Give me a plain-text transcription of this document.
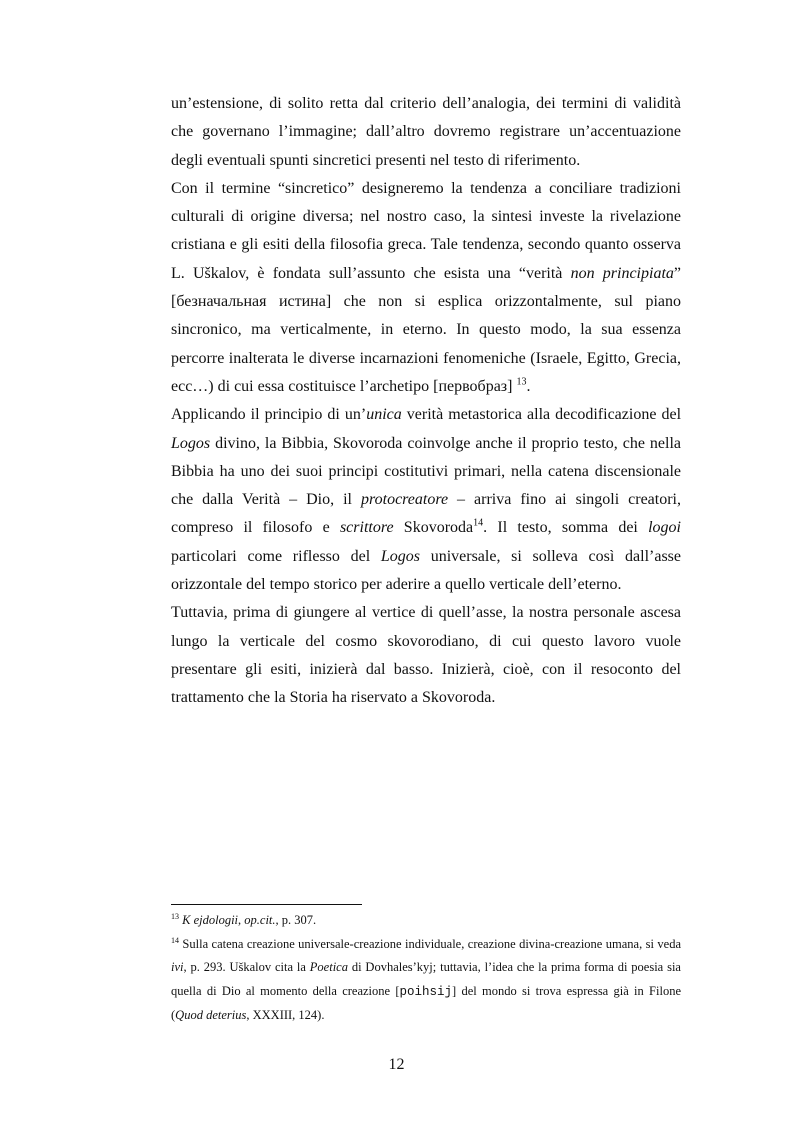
un’estensione, di solito retta dal criterio dell’analogia, dei termini di validità che governano l’immagine; dall’altro dovremo registrare un’accentuazione degli eventuali spunti sincretici presenti nel testo di riferimento.

Con il termine “sincretico” designeremo la tendenza a conciliare tradizioni culturali di origine diversa; nel nostro caso, la sintesi investe la rivelazione cristiana e gli esiti della filosofia greca. Tale tendenza, secondo quanto osserva L. Uškalov, è fondata sull’assunto che esista una “verità non principiata” [безначальная истина] che non si esplica orizzontalmente, sul piano sincronico, ma verticalmente, in eterno. In questo modo, la sua essenza percorre inalterata le diverse incarnazioni fenomeniche (Israele, Egitto, Grecia, ecc…) di cui essa costituisce l’archetipo [первобраз] $^{13}$.

Applicando il principio di un’unica verità metastorica alla decodificazione del Logos divino, la Bibbia, Skovoroda coinvolge anche il proprio testo, che nella Bibbia ha uno dei suoi principi costitutivi primari, nella catena discensionale che dalla Verità – Dio, il protocreatore – arriva fino ai singoli creatori, compreso il filosofo e scrittore Skovoroda$^{14}$. Il testo, somma dei logoi particolari come riflesso del Logos universale, si solleva così dall’asse orizzontale del tempo storico per aderire a quello verticale dell’eterno.

Tuttavia, prima di giungere al vertice di quell’asse, la nostra personale ascesa lungo la verticale del cosmo skovorodiano, di cui questo lavoro vuole presentare gli esiti, inizierà dal basso. Inizierà, cioè, con il resoconto del trattamento che la Storia ha riservato a Skovoroda.

$^{13}$ K ejdologii, op.cit., p. 307.

$^{14}$ Sulla catena creazione universale-creazione individuale, creazione divina-creazione umana, si veda ivi, p. 293. Uškalov cita la Poetica di Dovhales’kyj; tuttavia, l’idea che la prima forma di poesia sia quella di Dio al momento della creazione [poihsij] del mondo si trova espressa già in Filone (Quod deterius, XXXIII, 124).

12
